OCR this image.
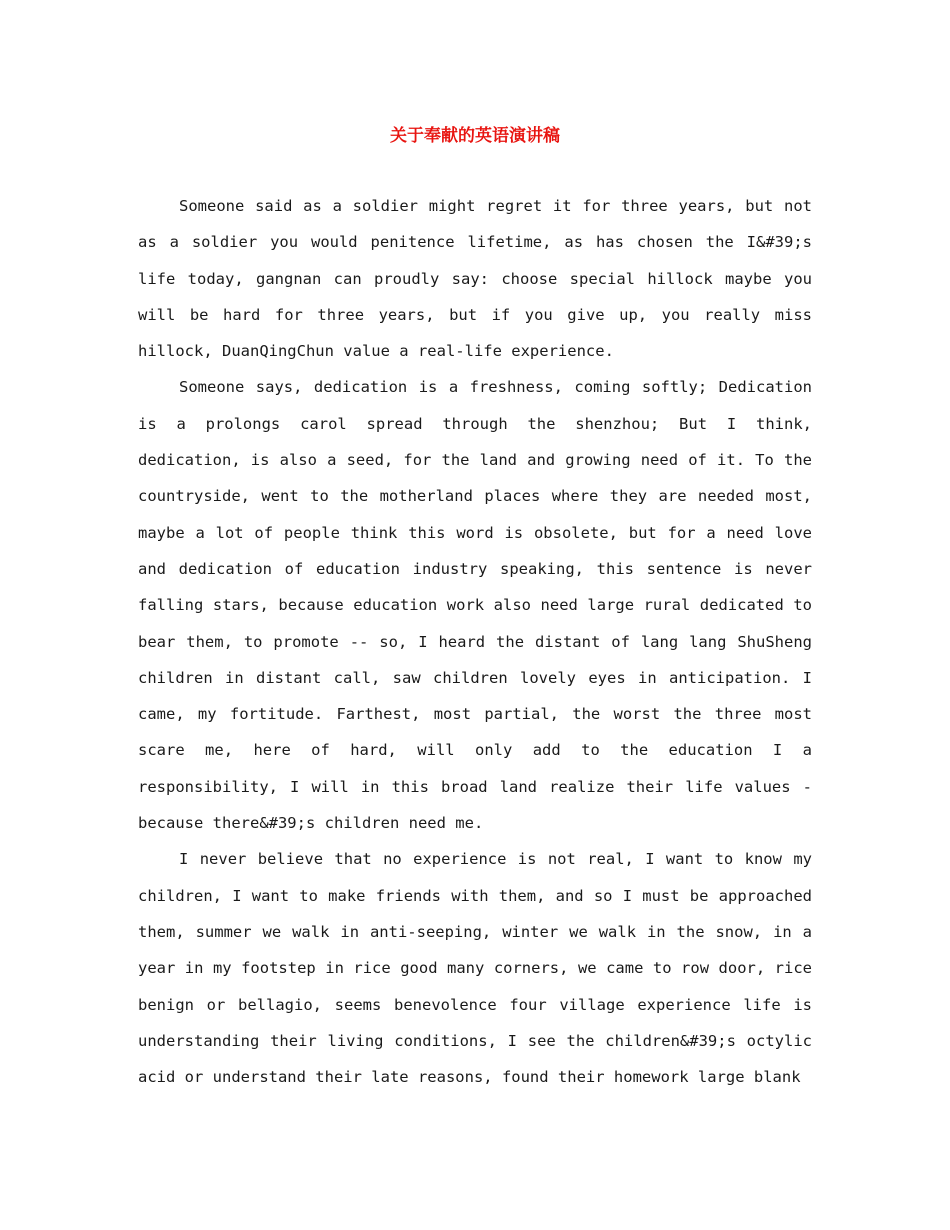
关于奉献的英语演讲稿

Someone said as a soldier might regret it for three years, but not as a soldier you would penitence lifetime, as has chosen the I&#39;s life today, gangnan can proudly say: choose special hillock maybe you will be hard for three years, but if you give up, you really miss hillock, DuanQingChun value a real-life experience.

Someone says, dedication is a freshness, coming softly; Dedication is a prolongs carol spread through the shenzhou; But I think, dedication, is also a seed, for the land and growing need of it. To the countryside, went to the motherland places where they are needed most, maybe a lot of people think this word is obsolete, but for a need love and dedication of education industry speaking, this sentence is never falling stars, because education work also need large rural dedicated to bear them, to promote -- so, I heard the distant of lang lang ShuSheng children in distant call, saw children lovely eyes in anticipation. I came, my fortitude. Farthest, most partial, the worst the three most scare me, here of hard, will only add to the education I a responsibility, I will in this broad land realize their life values - because there&#39;s children need me.

I never believe that no experience is not real, I want to know my children, I want to make friends with them, and so I must be approached them, summer we walk in anti-seeping, winter we walk in the snow, in a year in my footstep in rice good many corners, we came to row door, rice benign or bellagio, seems benevolence four village experience life is understanding their living conditions, I see the children&#39;s octylic acid or understand their late reasons, found their homework large blank
